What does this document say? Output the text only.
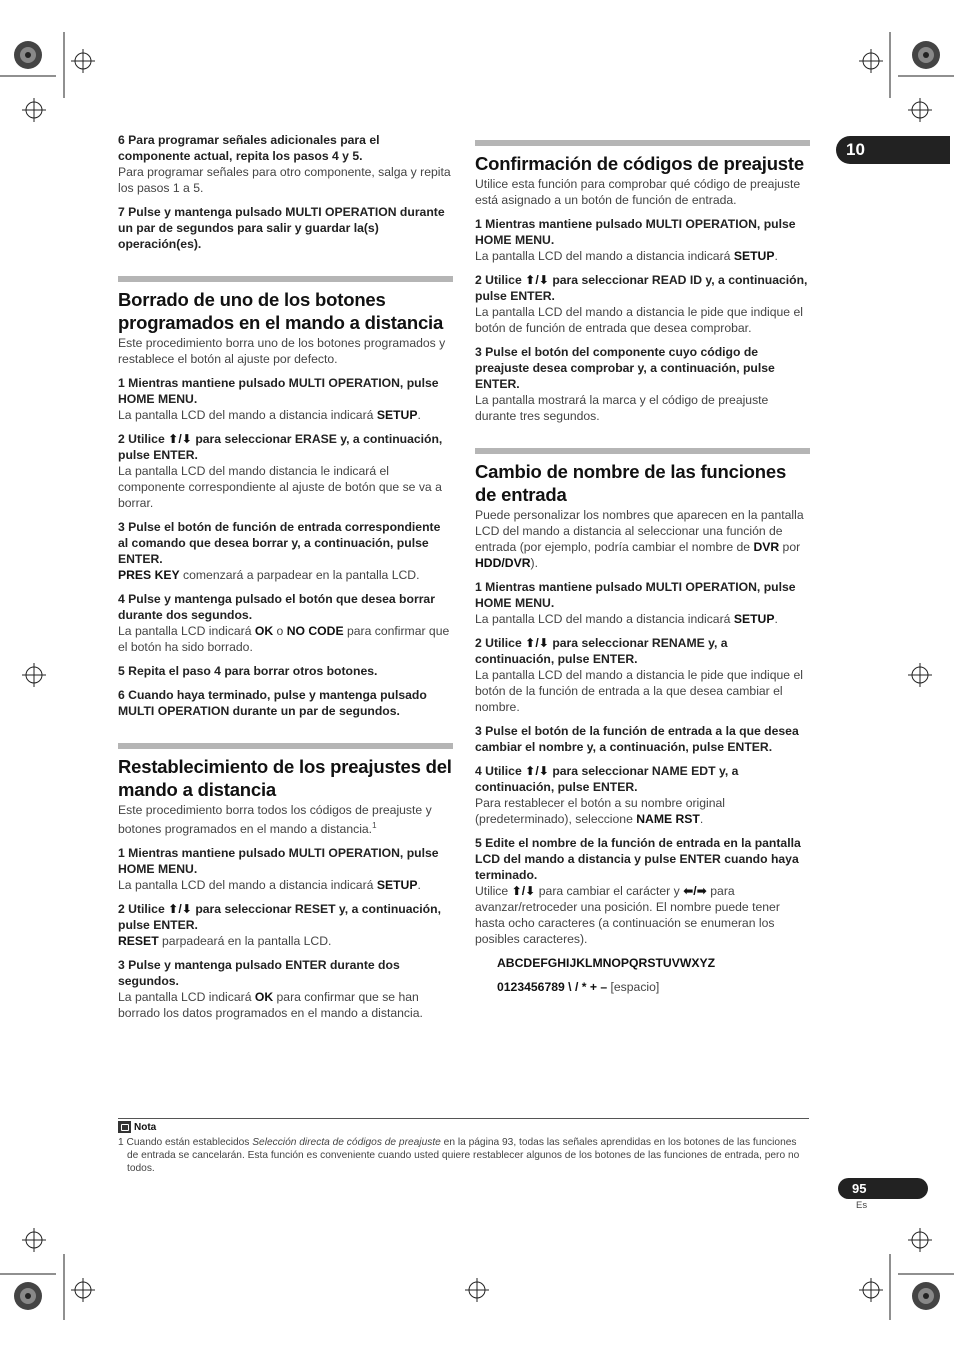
10

6 Para programar señales adicionales para el componente actual, repita los pasos 4 y 5.

Para programar señales para otro componente, salga y repita los pasos 1 a 5.

7 Pulse y mantenga pulsado MULTI OPERATION durante un par de segundos para salir y guardar la(s) operación(es).

Borrado de uno de los botones programados en el mando a distancia

Este procedimiento borra uno de los botones programados y restablece el botón al ajuste por defecto.

1 Mientras mantiene pulsado MULTI OPERATION, pulse HOME MENU.

La pantalla LCD del mando a distancia indicará SETUP.

2 Utilice ⬆/⬇ para seleccionar ERASE y, a continuación, pulse ENTER.

La pantalla LCD del mando distancia le indicará el componente correspondiente al ajuste de botón que se va a borrar.

3 Pulse el botón de función de entrada correspondiente al comando que desea borrar y, a continuación, pulse ENTER.

PRES KEY comenzará a parpadear en la pantalla LCD.

4 Pulse y mantenga pulsado el botón que desea borrar durante dos segundos.

La pantalla LCD indicará OK o NO CODE para confirmar que el botón ha sido borrado.

5 Repita el paso 4 para borrar otros botones.

6 Cuando haya terminado, pulse y mantenga pulsado MULTI OPERATION durante un par de segundos.

Restablecimiento de los preajustes del mando a distancia

Este procedimiento borra todos los códigos de preajuste y botones programados en el mando a distancia.$^1$

1 Mientras mantiene pulsado MULTI OPERATION, pulse HOME MENU.

La pantalla LCD del mando a distancia indicará SETUP.

2 Utilice ⬆/⬇ para seleccionar RESET y, a continuación, pulse ENTER.

RESET parpadeará en la pantalla LCD.

3 Pulse y mantenga pulsado ENTER durante dos segundos.

La pantalla LCD indicará OK para confirmar que se han borrado los datos programados en el mando a distancia.

Confirmación de códigos de preajuste

Utilice esta función para comprobar qué código de preajuste está asignado a un botón de función de entrada.

1 Mientras mantiene pulsado MULTI OPERATION, pulse HOME MENU.

La pantalla LCD del mando a distancia indicará SETUP.

2 Utilice ⬆/⬇ para seleccionar READ ID y, a continuación, pulse ENTER.

La pantalla LCD del mando a distancia le pide que indique el botón de función de entrada que desea comprobar.

3 Pulse el botón del componente cuyo código de preajuste desea comprobar y, a continuación, pulse ENTER.

La pantalla mostrará la marca y el código de preajuste durante tres segundos.

Cambio de nombre de las funciones de entrada

Puede personalizar los nombres que aparecen en la pantalla LCD del mando a distancia al seleccionar una función de entrada (por ejemplo, podría cambiar el nombre de DVR por HDD/DVR).

1 Mientras mantiene pulsado MULTI OPERATION, pulse HOME MENU.

La pantalla LCD del mando a distancia indicará SETUP.

2 Utilice ⬆/⬇ para seleccionar RENAME y, a continuación, pulse ENTER.

La pantalla LCD del mando a distancia le pide que indique el botón de la función de entrada a la que desea cambiar el nombre.

3 Pulse el botón de la función de entrada a la que desea cambiar el nombre y, a continuación, pulse ENTER.

4 Utilice ⬆/⬇ para seleccionar NAME EDT y, a continuación, pulse ENTER.

Para restablecer el botón a su nombre original (predeterminado), seleccione NAME RST.

5 Edite el nombre de la función de entrada en la pantalla LCD del mando a distancia y pulse ENTER cuando haya terminado.

Utilice ⬆/⬇ para cambiar el carácter y ⬅/➡ para avanzar/retroceder una posición. El nombre puede tener hasta ocho caracteres (a continuación se enumeran los posibles caracteres).

ABCDEFGHIJKLMNOPQRSTUVWXYZ

0123456789 \ / * + – [espacio]

Nota
1 Cuando están establecidos Selección directa de códigos de preajuste en la página 93, todas las señales aprendidas en los botones de las funciones de entrada se cancelarán. Esta función es conveniente cuando usted quiere restablecer algunos de los botones de las funciones de entrada, pero no todos.
95
Es
